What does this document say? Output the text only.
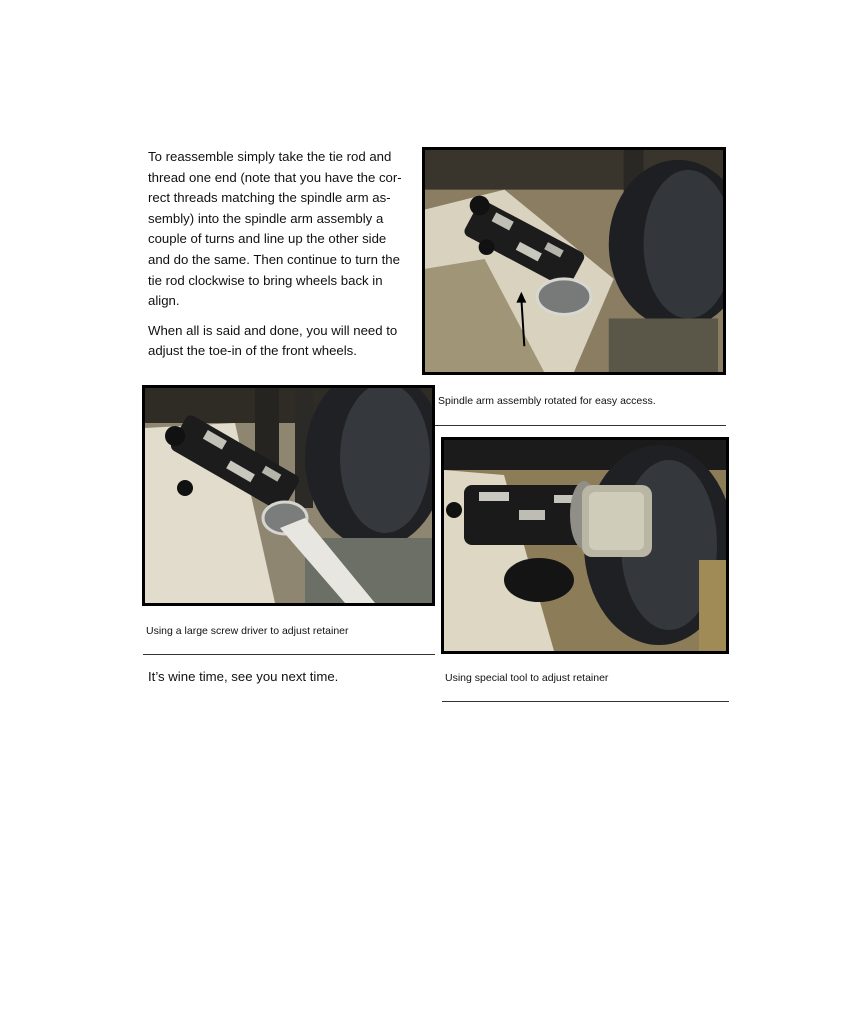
To reassemble simply take the tie rod and
thread one end (note that you have the cor-
rect threads matching the spindle arm as-
sembly) into the spindle arm assembly a
couple of turns and line up the other side
and do the same. Then continue to turn the
tie rod clockwise to bring wheels back in
align.

When all is said and done, you will need to
adjust the toe-in of the front wheels.

Spindle arm assembly rotated for easy access.
Using a large screw driver to adjust retainer
Using special tool to adjust retainer
It’s wine time, see you next time.
